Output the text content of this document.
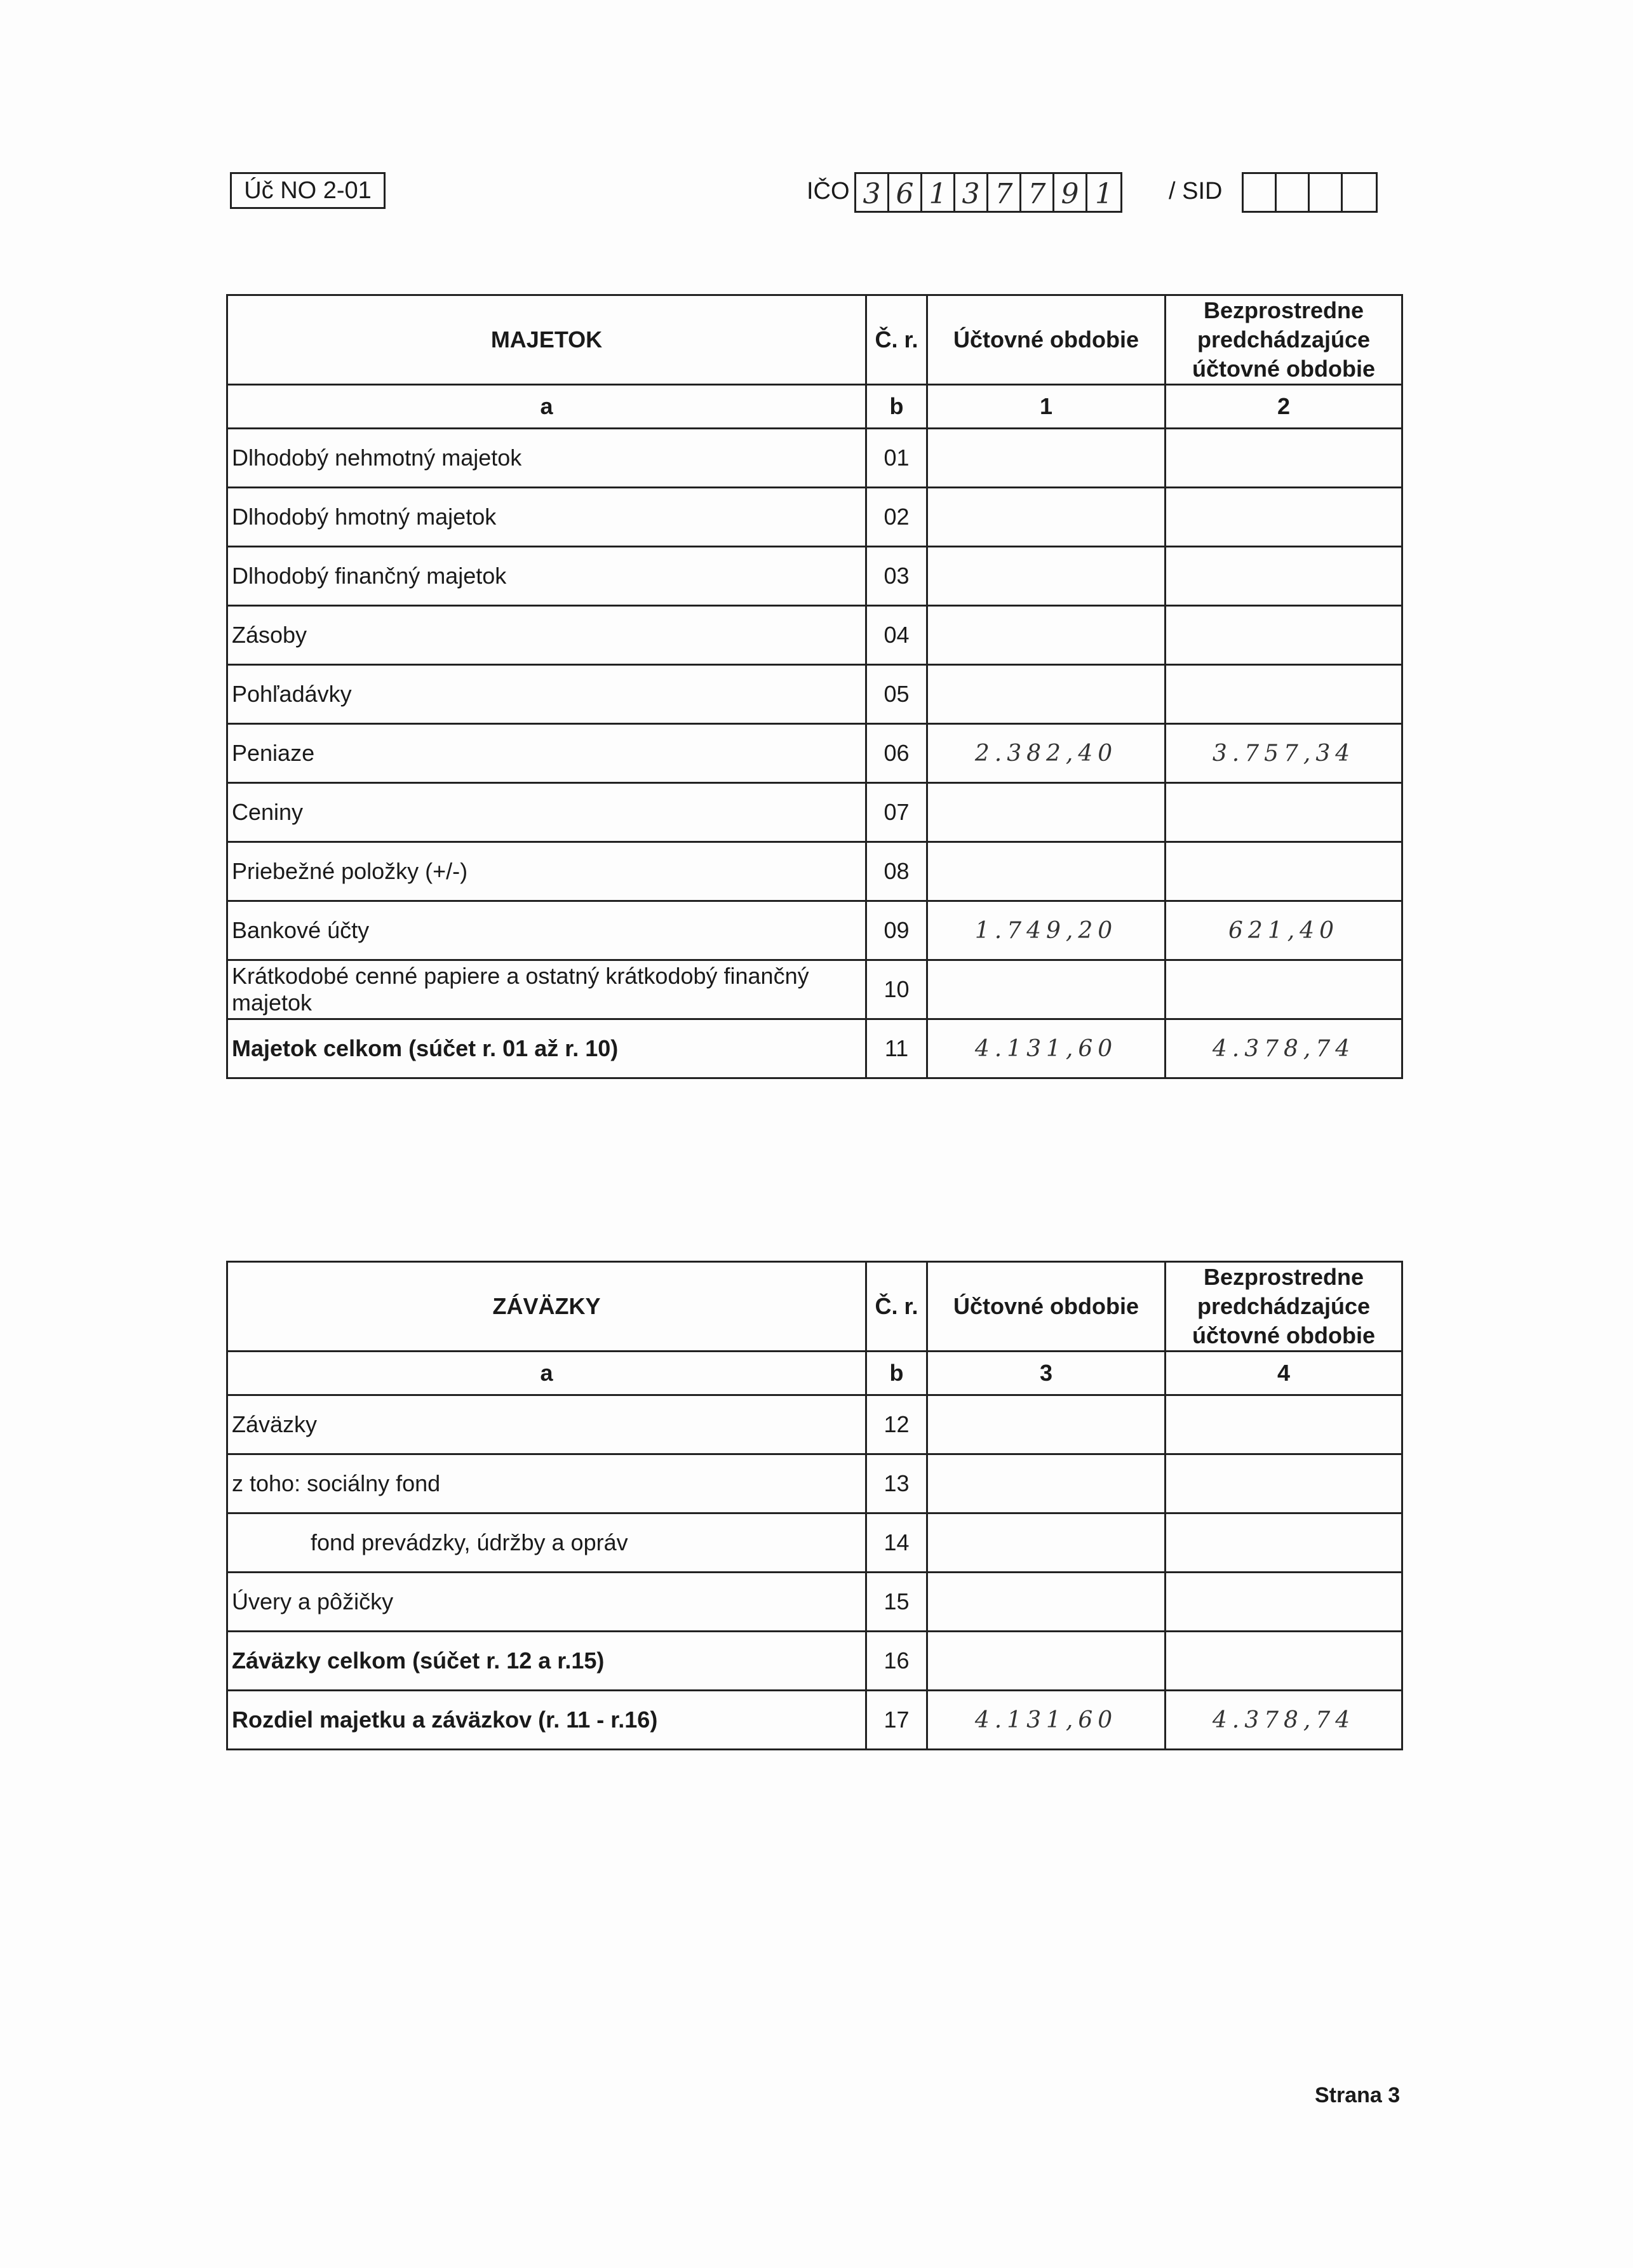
Úč NO 2-01	IČO 3 6 1 3 7 7 9 1	/ SID
MAJETOK	Č. r.	Účtovné obdobie	Bezprostredne predchádzajúce účtovné obdobie
a	b	1	2
Dlhodobý nehmotný majetok	01		
Dlhodobý hmotný majetok	02		
Dlhodobý finančný majetok	03		
Zásoby	04		
Pohľadávky	05		
Peniaze	06	2.382,40	3.757,34
Ceniny	07		
Priebežné položky (+/-)	08		
Bankové účty	09	1.749,20	621,40
Krátkodobé cenné papiere a ostatný krátkodobý finančný majetok	10		
Majetok celkom (súčet r. 01 až r. 10)	11	4.131,60	4.378,74
ZÁVÄZKY	Č. r.	Účtovné obdobie	Bezprostredne predchádzajúce účtovné obdobie
a	b	3	4
Záväzky	12		
z toho: sociálny fond	13		
fond prevádzky, údržby a opráv	14		
Úvery a pôžičky	15		
Záväzky celkom (súčet r. 12 a r.15)	16		
Rozdiel majetku a záväzkov (r. 11 - r.16)	17	4.131,60	4.378,74
Strana 3
